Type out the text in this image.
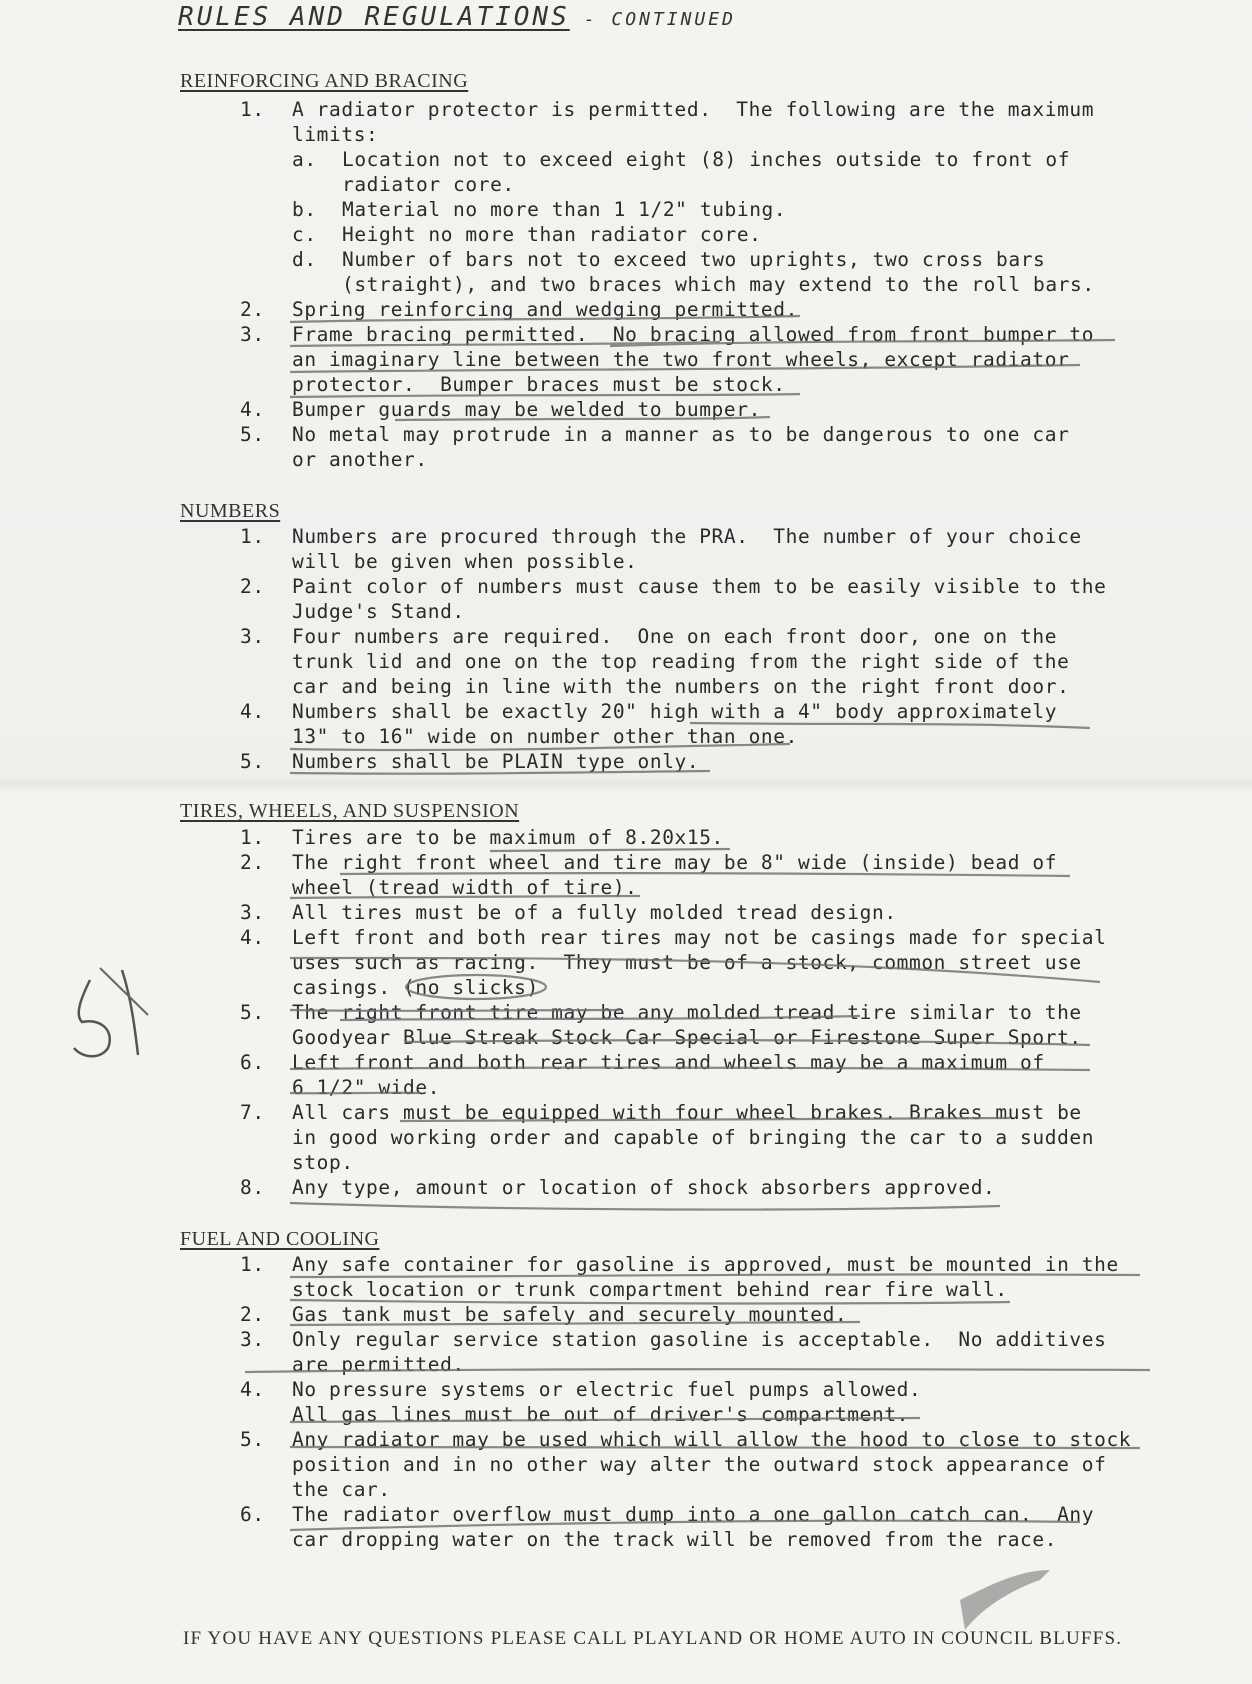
RULES AND REGULATIONS - CONTINUED
REINFORCING AND BRACING
1. A radiator protector is permitted.  The following are the maximum
limits:
a. Location not to exceed eight (8) inches outside to front of
radiator core.
b. Material no more than 1 1/2" tubing.
c. Height no more than radiator core.
d. Number of bars not to exceed two uprights, two cross bars
(straight), and two braces which may extend to the roll bars.
2. Spring reinforcing and wedging permitted.
3. Frame bracing permitted.  No bracing allowed from front bumper to
an imaginary line between the two front wheels, except radiator
protector.  Bumper braces must be stock.
4. Bumper guards may be welded to bumper.
5. No metal may protrude in a manner as to be dangerous to one car
or another.
NUMBERS
1. Numbers are procured through the PRA.  The number of your choice
will be given when possible.
2. Paint color of numbers must cause them to be easily visible to the
Judge's Stand.
3. Four numbers are required.  One on each front door, one on the
trunk lid and one on the top reading from the right side of the
car and being in line with the numbers on the right front door.
4. Numbers shall be exactly 20" high with a 4" body approximately
13" to 16" wide on number other than one.
5. Numbers shall be PLAIN type only.
TIRES, WHEELS, AND SUSPENSION
1. Tires are to be maximum of 8.20x15.
2. The right front wheel and tire may be 8" wide (inside) bead of
wheel (tread width of tire).
3. All tires must be of a fully molded tread design.
4. Left front and both rear tires may not be casings made for special
uses such as racing.  They must be of a stock, common street use
casings. (no slicks)
5. The right front tire may be any molded tread tire similar to the
Goodyear Blue Streak Stock Car Special or Firestone Super Sport.
6. Left front and both rear tires and wheels may be a maximum of
6 1/2" wide.
7. All cars must be equipped with four wheel brakes. Brakes must be
in good working order and capable of bringing the car to a sudden
stop.
8. Any type, amount or location of shock absorbers approved.
FUEL AND COOLING
1. Any safe container for gasoline is approved, must be mounted in the
stock location or trunk compartment behind rear fire wall.
2. Gas tank must be safely and securely mounted.
3. Only regular service station gasoline is acceptable.  No additives
are permitted.
4. No pressure systems or electric fuel pumps allowed.
All gas lines must be out of driver's compartment.
5. Any radiator may be used which will allow the hood to close to stock
position and in no other way alter the outward stock appearance of
the car.
6. The radiator overflow must dump into a one gallon catch can.  Any
car dropping water on the track will be removed from the race.
IF YOU HAVE ANY QUESTIONS PLEASE CALL PLAYLAND OR HOME AUTO IN COUNCIL BLUFFS.
